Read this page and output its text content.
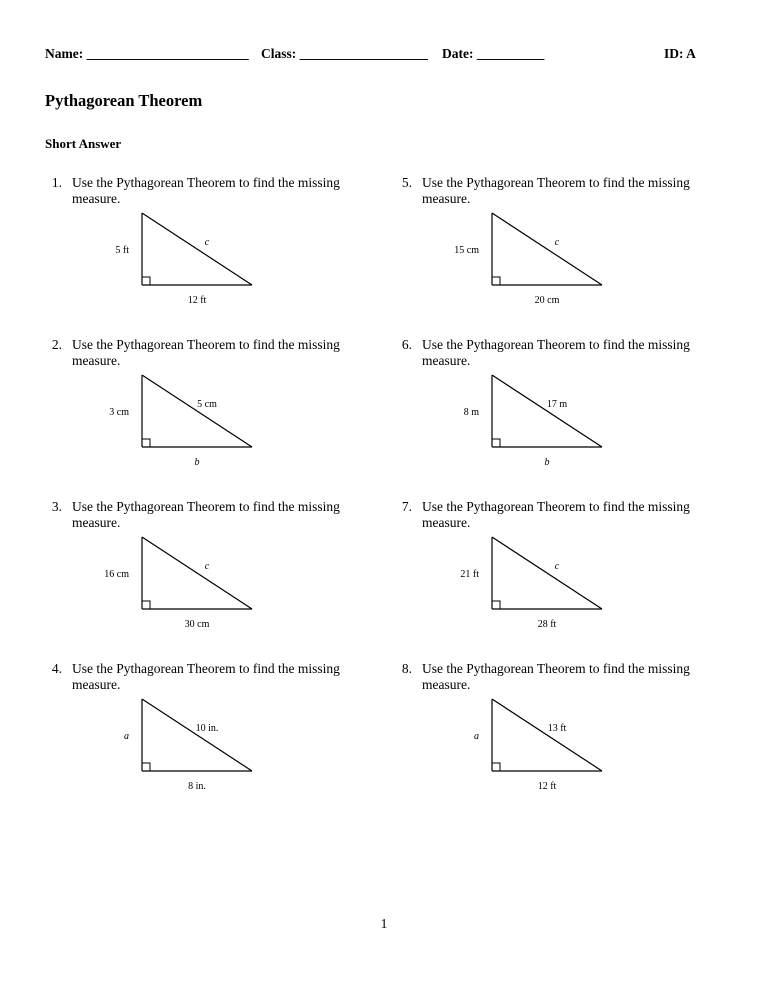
Name: ________________________ Class: ___________________ Date: __________	ID: A
Pythagorean Theorem
Short Answer
1. Use the Pythagorean Theorem to find the missing
measure.
5 ft
12 ft
c
2. Use the Pythagorean Theorem to find the missing
measure.
3 cm
b
5 cm
3. Use the Pythagorean Theorem to find the missing
measure.
16 cm
30 cm
c
4. Use the Pythagorean Theorem to find the missing
measure.
a
8 in.
10 in.
5. Use the Pythagorean Theorem to find the missing
measure.
15 cm
20 cm
c
6. Use the Pythagorean Theorem to find the missing
measure.
8 m
b
17 m
7. Use the Pythagorean Theorem to find the missing
measure.
21 ft
28 ft
c
8. Use the Pythagorean Theorem to find the missing
measure.
a
12 ft
13 ft
1
